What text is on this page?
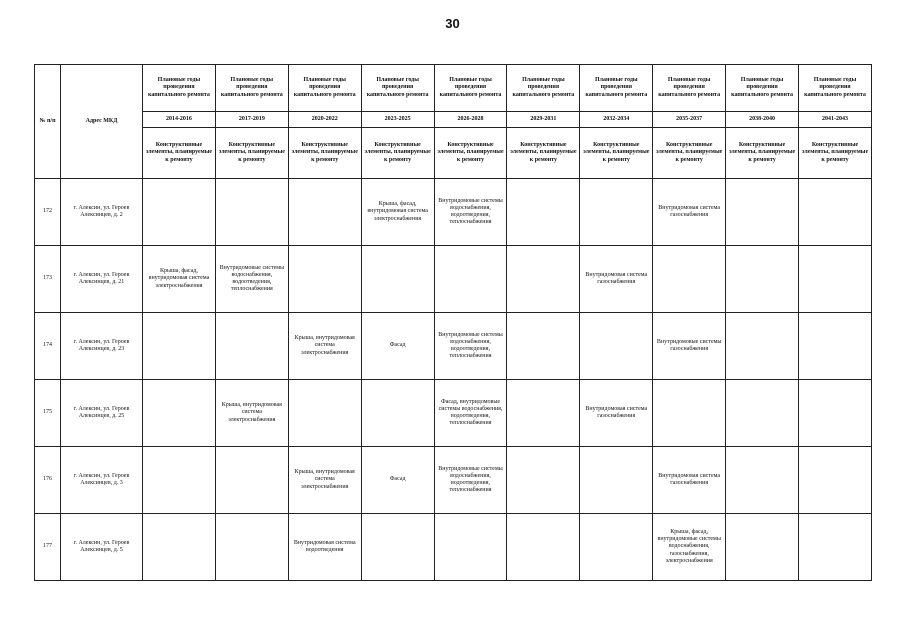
30
№ п/п	Адрес МКД	Плановые годы проведения капитального ремонта	Плановые годы проведения капитального ремонта	Плановые годы проведения капитального ремонта	Плановые годы проведения капитального ремонта	Плановые годы проведения капитального ремонта	Плановые годы проведения капитального ремонта	Плановые годы проведения капитального ремонта	Плановые годы проведения капитального ремонта	Плановые годы проведения капитального ремонта	Плановые годы проведения капитального ремонта
		2014-2016	2017-2019	2020-2022	2023-2025	2026-2028	2029-2031	2032-2034	2035-2037	2038-2040	2041-2043
		Конструктивные элементы, планируемые к ремонту	Конструктивные элементы, планируемые к ремонту	Конструктивные элементы, планируемые к ремонту	Конструктивные элементы, планируемые к ремонту	Конструктивные элементы, планируемые к ремонту	Конструктивные элементы, планируемые к ремонту	Конструктивные элементы, планируемые к ремонту	Конструктивные элементы, планируемые к ремонту	Конструктивные элементы, планируемые к ремонту	Конструктивные элементы, планируемые к ремонту
172	г. Алексин, ул. Героев Алексинцев, д. 2				Крыша, фасад, внутридомовая система электроснабжения	Внутридомовые системы водоснабжения, водоотведения, теплоснабжения			Внутридомовая система газоснабжения		
173	г. Алексин, ул. Героев Алексинцев, д. 21	Крыша, фасад, внутридомовая система электроснабжения	Внутридомовые системы водоснабжения, водоотведения, теплоснабжения					Внутридомовая система газоснабжения			
174	г. Алексин, ул. Героев Алексинцев, д. 23			Крыша, внутридомовая система электроснабжения	Фасад	Внутридомовые системы водоснабжения, водоотведения, теплоснабжения			Внутридомовые системы газоснабжения		
175	г. Алексин, ул. Героев Алексинцев, д. 25		Крыша, внутридомовая система электроснабжения			Фасад, внутридомовые системы водоснабжения, водоотведения, теплоснабжения		Внутридомовая система газоснабжения			
176	г. Алексин, ул. Героев Алексинцев, д. 3			Крыша, внутридомовая система электроснабжения	Фасад	Внутридомовые системы водоснабжения, водоотведения, теплоснабжения			Внутридомовая система газоснабжения		
177	г. Алексин, ул. Героев Алексинцев, д. 5			Внутридомовая система водоотведения					Крыша, фасад, внутридомовые системы водоснабжения, газоснабжения, электроснабжения		
